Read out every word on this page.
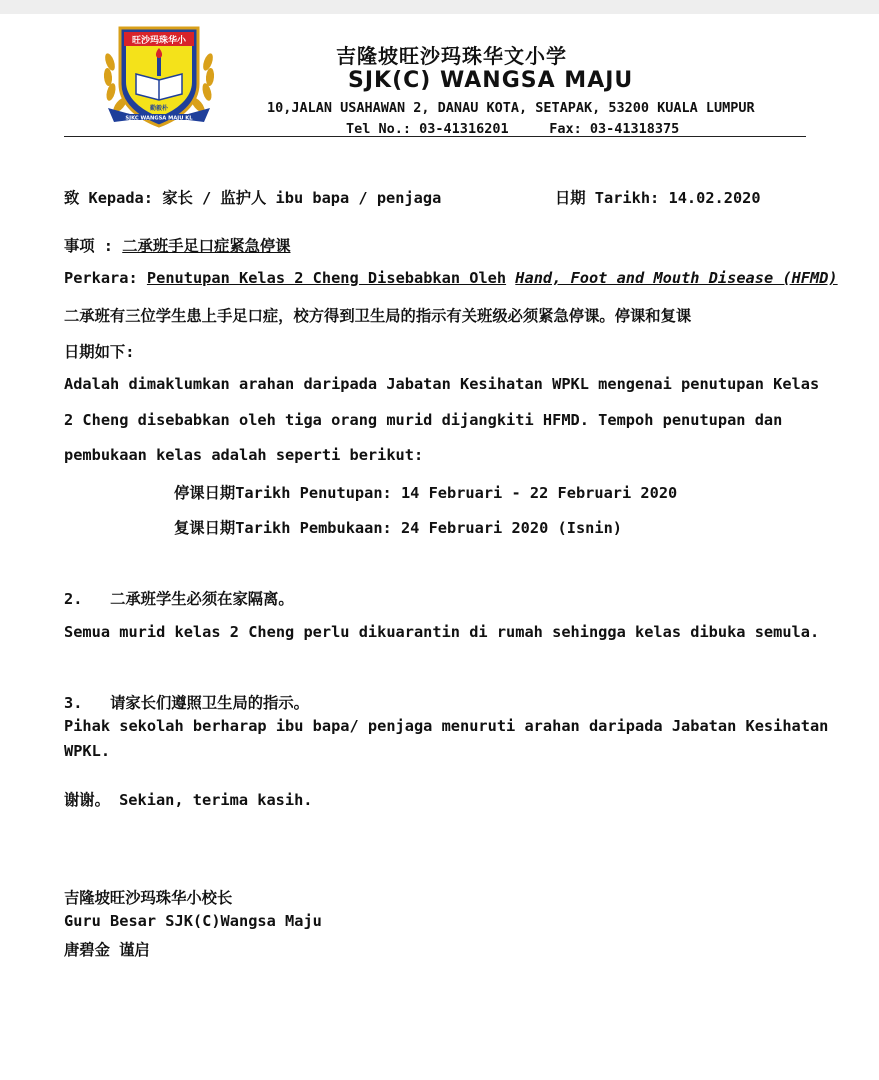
旺沙玛珠华小
勤毅朴
SJKC WANGSA MAJU KL
吉隆坡旺沙玛珠华文小学
SJK(C) WANGSA MAJU
10,JALAN USAHAWAN 2, DANAU KOTA, SETAPAK, 53200 KUALA LUMPUR
Tel No.: 03-41316201	Fax: 03-41318375
致 Kepada: 家长 / 监护人 ibu bapa / penjaga	日期 Tarikh: 14.02.2020
事项 : 二承班手足口症紧急停课
Perkara: Penutupan Kelas 2 Cheng Disebabkan Oleh Hand, Foot and Mouth Disease (HFMD)
二承班有三位学生患上手足口症，校方得到卫生局的指示有关班级必须紧急停课。停课和复课
日期如下:
Adalah dimaklumkan arahan daripada Jabatan Kesihatan WPKL mengenai penutupan Kelas
2 Cheng disebabkan oleh tiga orang murid dijangkiti HFMD. Tempoh penutupan dan
pembukaan kelas adalah seperti berikut:
停课日期Tarikh Penutupan: 14 Februari - 22 Februari 2020
复课日期Tarikh Pembukaan: 24 Februari 2020 (Isnin)
2. 二承班学生必须在家隔离。
Semua murid kelas 2 Cheng perlu dikuarantin di rumah sehingga kelas dibuka semula.
3. 请家长们遵照卫生局的指示。
Pihak sekolah berharap ibu bapa/ penjaga menuruti arahan daripada Jabatan Kesihatan
WPKL.
谢谢。 Sekian, terima kasih.
吉隆坡旺沙玛珠华小校长
Guru Besar SJK(C)Wangsa Maju
唐碧金 谨启
